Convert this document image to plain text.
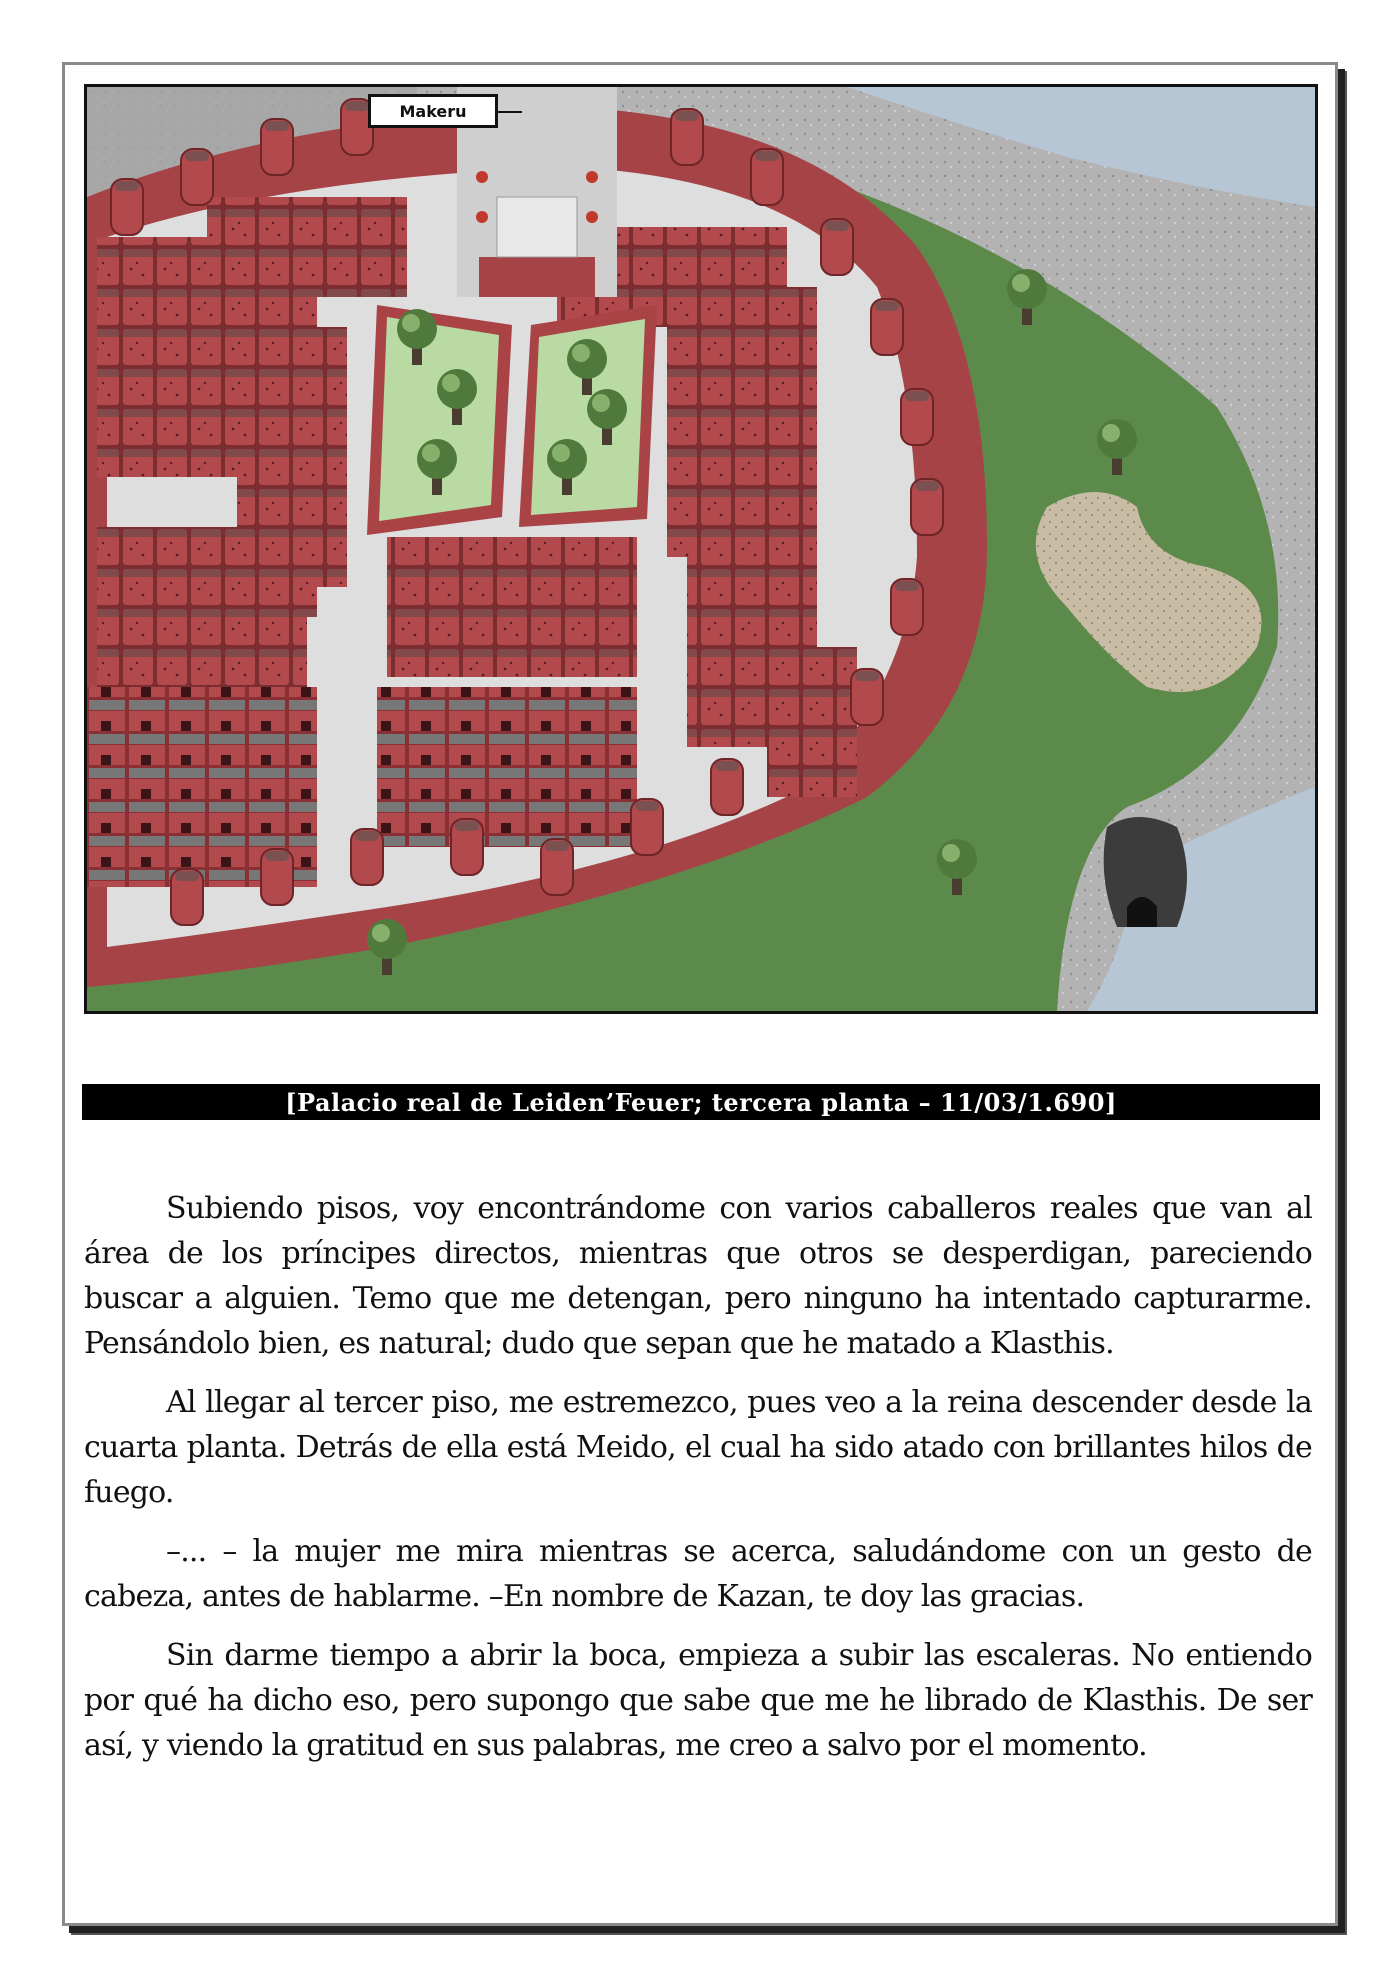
Makeru
[Palacio real de Leiden’Feuer; tercera planta – 11/03/1.690]

Subiendo pisos, voy encontrándome con varios caballeros reales que van al área de los príncipes directos, mientras que otros se desperdigan, pareciendo buscar a alguien. Temo que me detengan, pero ninguno ha intentado capturarme. Pensándolo bien, es natural; dudo que sepan que he matado a Klasthis.

Al llegar al tercer piso, me estremezco, pues veo a la reina descender desde la cuarta planta. Detrás de ella está Meido, el cual ha sido atado con brillantes hilos de fuego.

–... – la mujer me mira mientras se acerca, saludándome con un gesto de cabeza, antes de hablarme. –En nombre de Kazan, te doy las gracias.

Sin darme tiempo a abrir la boca, empieza a subir las escaleras. No entiendo por qué ha dicho eso, pero supongo que sabe que me he librado de Klasthis. De ser así, y viendo la gratitud en sus palabras, me creo a salvo por el momento.
